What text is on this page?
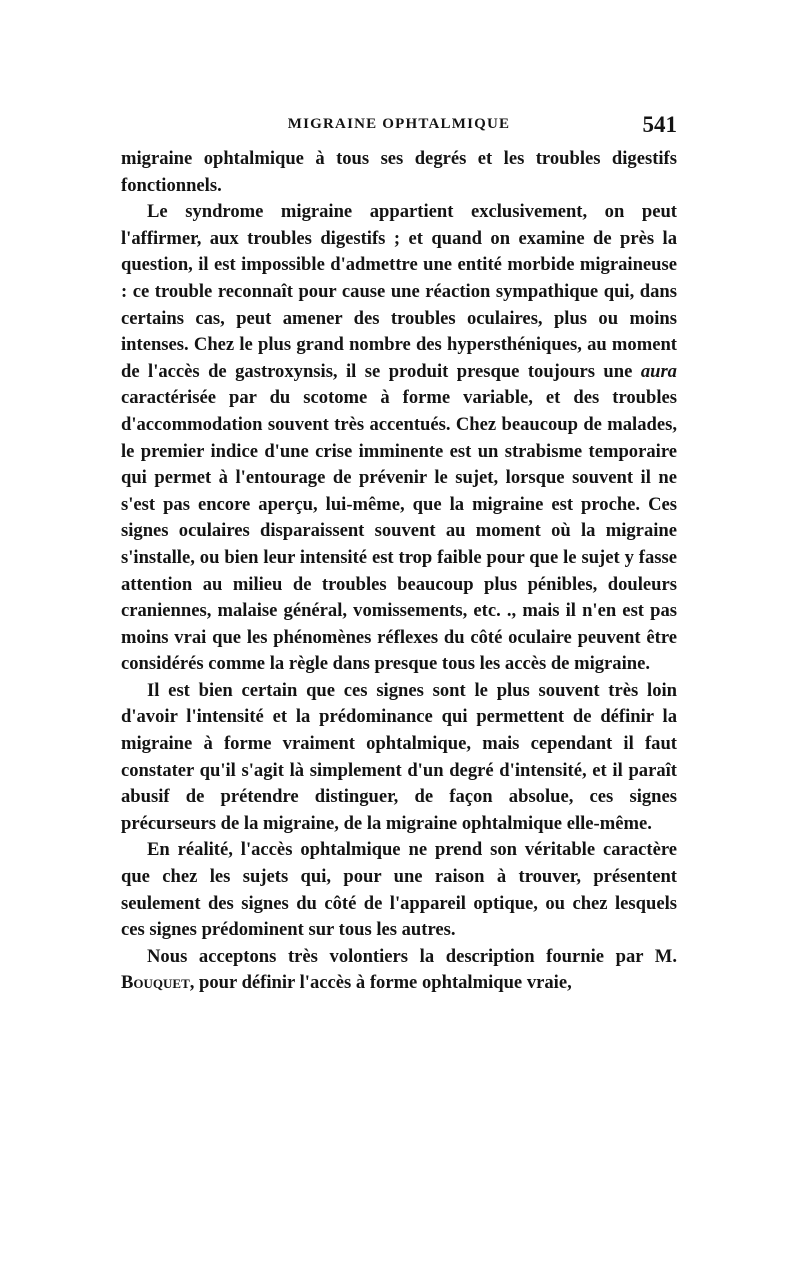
MIGRAINE OPHTALMIQUE	541

migraine ophtalmique à tous ses degrés et les troubles digestifs fonctionnels.

Le syndrome migraine appartient exclusivement, on peut l'affirmer, aux troubles digestifs ; et quand on examine de près la question, il est impossible d'admettre une entité morbide migraineuse : ce trouble reconnaît pour cause une réaction sympathique qui, dans certains cas, peut amener des troubles oculaires, plus ou moins intenses. Chez le plus grand nombre des hypersthéniques, au moment de l'accès de gastroxynsis, il se produit presque toujours une aura caractérisée par du scotome à forme variable, et des troubles d'accommodation souvent très accentués. Chez beaucoup de malades, le premier indice d'une crise imminente est un strabisme temporaire qui permet à l'entourage de prévenir le sujet, lorsque souvent il ne s'est pas encore aperçu, lui-même, que la migraine est proche. Ces signes oculaires disparaissent souvent au moment où la migraine s'installe, ou bien leur intensité est trop faible pour que le sujet y fasse attention au milieu de troubles beaucoup plus pénibles, douleurs craniennes, malaise général, vomissements, etc. ., mais il n'en est pas moins vrai que les phénomènes réflexes du côté oculaire peuvent être considérés comme la règle dans presque tous les accès de migraine.

Il est bien certain que ces signes sont le plus souvent très loin d'avoir l'intensité et la prédominance qui permettent de définir la migraine à forme vraiment ophtalmique, mais cependant il faut constater qu'il s'agit là simplement d'un degré d'intensité, et il paraît abusif de prétendre distinguer, de façon absolue, ces signes précurseurs de la migraine, de la migraine ophtalmique elle-même.

En réalité, l'accès ophtalmique ne prend son véritable caractère que chez les sujets qui, pour une raison à trouver, présentent seulement des signes du côté de l'appareil optique, ou chez lesquels ces signes prédominent sur tous les autres.

Nous acceptons très volontiers la description fournie par M. Bouquet, pour définir l'accès à forme ophtalmique vraie,
